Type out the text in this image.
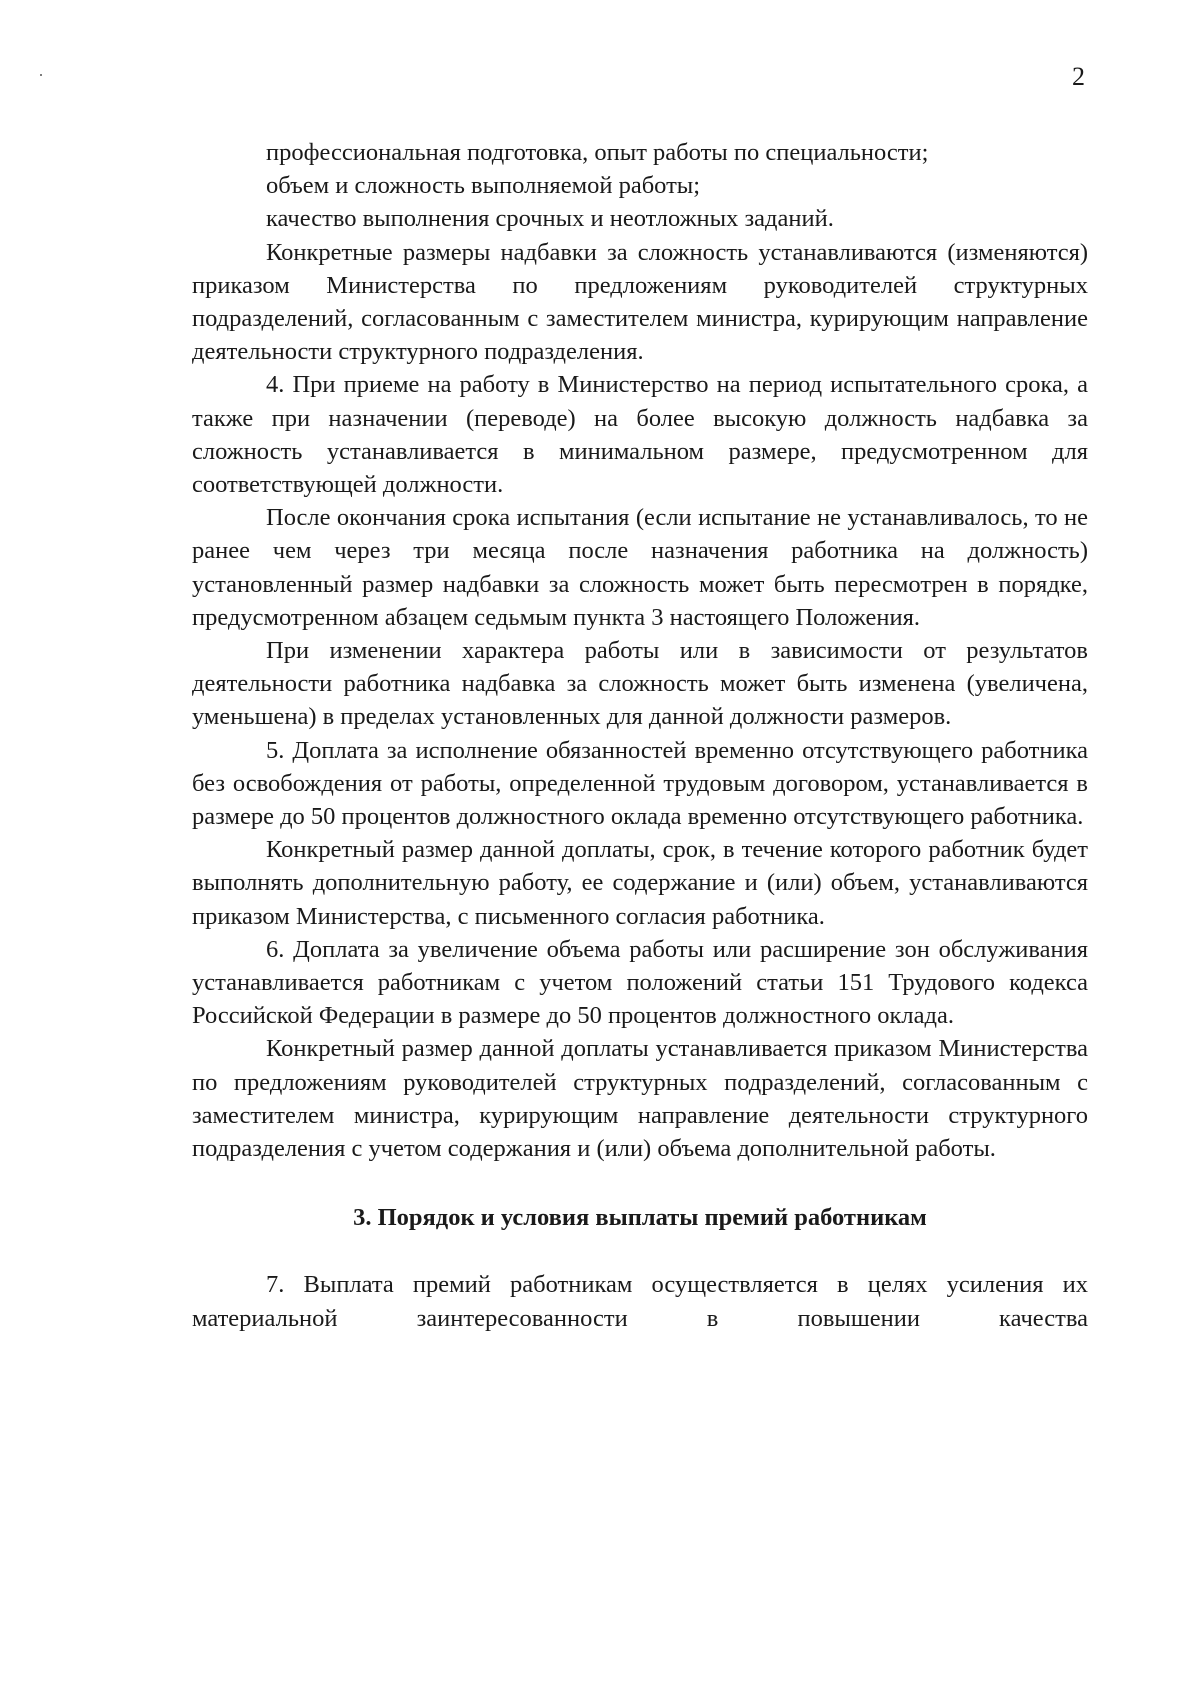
2

профессиональная подготовка, опыт работы по специальности;

объем и сложность выполняемой работы;

качество выполнения срочных и неотложных заданий.

Конкретные размеры надбавки за сложность устанавливаются (изменяются) приказом Министерства по предложениям руководителей структурных подразделений, согласованным с заместителем министра, курирующим направление деятельности структурного подразделения.

4. При приеме на работу в Министерство на период испытательного срока, а также при назначении (переводе) на более высокую должность надбавка за сложность устанавливается в минимальном размере, предусмотренном для соответствующей должности.

После окончания срока испытания (если испытание не устанавливалось, то не ранее чем через три месяца после назначения работника на должность) установленный размер надбавки за сложность может быть пересмотрен в порядке, предусмотренном абзацем седьмым пункта 3 настоящего Положения.

При изменении характера работы или в зависимости от результатов деятельности работника надбавка за сложность может быть изменена (увеличена, уменьшена) в пределах установленных для данной должности размеров.

5. Доплата за исполнение обязанностей временно отсутствующего работника без освобождения от работы, определенной трудовым договором, устанавливается в размере до 50 процентов должностного оклада временно отсутствующего работника.

Конкретный размер данной доплаты, срок, в течение которого работник будет выполнять дополнительную работу, ее содержание и (или) объем, устанавливаются приказом Министерства, с письменного согласия работника.

6. Доплата за увеличение объема работы или расширение зон обслуживания устанавливается работникам с учетом положений статьи 151 Трудового кодекса Российской Федерации в размере до 50 процентов должностного оклада.

Конкретный размер данной доплаты устанавливается приказом Министерства по предложениям руководителей структурных подразделений, согласованным с заместителем министра, курирующим направление деятельности структурного подразделения с учетом содержания и (или) объема дополнительной работы.

3. Порядок и условия выплаты премий работникам

7. Выплата премий работникам осуществляется в целях усиления их материальной заинтересованности в повышении качества
